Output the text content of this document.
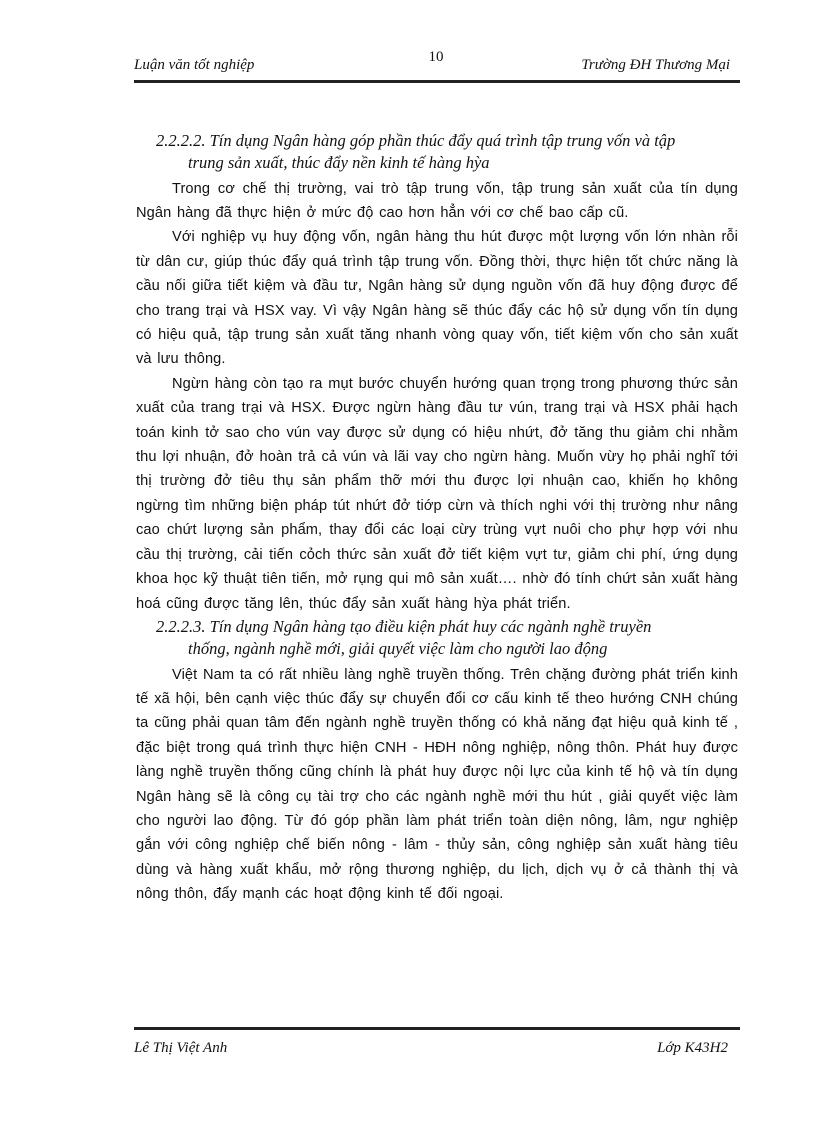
Luận văn tốt nghiệp	10	Trường ĐH Thương Mại

2.2.2.2. Tín dụng Ngân hàng góp phần thúc đẩy quá trình tập trung vốn và tập
trung sản xuất, thúc đẩy nền kinh tế hàng hỳa

Trong cơ chế thị trường, vai trò tập trung vốn, tập trung sản xuất của tín dụng Ngân hàng đã thực hiện ở mức độ cao hơn hẳn với cơ chế bao cấp cũ.

Với nghiệp vụ huy động vốn, ngân hàng thu hút được một lượng vốn lớn nhàn rỗi từ dân cư, giúp thúc đẩy quá trình tập trung vốn. Đồng thời, thực hiện tốt chức năng là cầu nối giữa tiết kiệm và đầu tư, Ngân hàng sử dụng nguồn vốn đã huy động được để cho trang trại và HSX vay. Vì vậy Ngân hàng sẽ thúc đẩy các hộ sử dụng vốn tín dụng có hiệu quả, tập trung sản xuất tăng nhanh vòng quay vốn, tiết kiệm vốn cho sản xuất và lưu thông.

Ngừn hàng còn tạo ra mụt bước chuyển hướng quan trọng trong phương thức sản xuất của trang trại và HSX. Được ngừn hàng đầu tư vún, trang trại và HSX phải hạch toán kinh tở sao cho vún vay được sử dụng có hiệu nhứt, đở tăng thu giảm chi nhằm thu lợi nhuận, đở hoàn trả cả vún và lãi vay cho ngừn hàng. Muốn vừy họ phải nghĩ tới thị trường đở tiêu thụ sản phẩm thỡ mới thu được lợi nhuận cao, khiến họ không ngừng tìm những biện pháp tút nhứt đở tiớp cừn và thích nghi với thị trường như nâng cao chứt lượng sản phẩm, thay đổi các loại cừy trùng vựt nuôi cho phự hợp với nhu cầu thị trường, cải tiến cỏch thức sản xuất đở tiết kiệm vựt tư, giảm chi phí, ứng dụng khoa học kỹ thuật tiên tiến, mở rụng qui mô sản xuất…. nhờ đó tính chứt sản xuất hàng hoá cũng được tăng lên, thúc đẩy sản xuất hàng hỳa phát triển.

2.2.2.3. Tín dụng Ngân hàng tạo điều kiện phát huy các ngành nghề truyền
thống, ngành nghề mới, giải quyết việc làm cho người lao động

Việt Nam ta có rất nhiều làng nghề truyền thống. Trên chặng đường phát triển kinh tế xã hội, bên cạnh việc thúc đẩy sự chuyển đổi cơ cấu kinh tế theo hướng CNH chúng ta cũng phải quan tâm đến ngành nghề truyền thống có khả năng đạt hiệu quả kinh tế , đặc biệt trong quá trình thực hiện CNH - HĐH nông nghiệp, nông thôn. Phát huy được làng nghề truyền thống cũng chính là phát huy được nội lực của kinh tế hộ và tín dụng Ngân hàng sẽ là công cụ tài trợ cho các ngành nghề mới thu hút , giải quyết việc làm cho người lao động. Từ đó góp phần làm phát triển toàn diện nông, lâm, ngư nghiệp gắn với công nghiệp chế biến nông - lâm - thủy sản, công nghiệp sản xuất hàng tiêu dùng và hàng xuất khẩu, mở rộng thương nghiệp, du lịch, dịch vụ ở cả thành thị và nông thôn, đẩy mạnh các hoạt động kinh tế đối ngoại.

Lê Thị Việt Anh	Lớp K43H2
